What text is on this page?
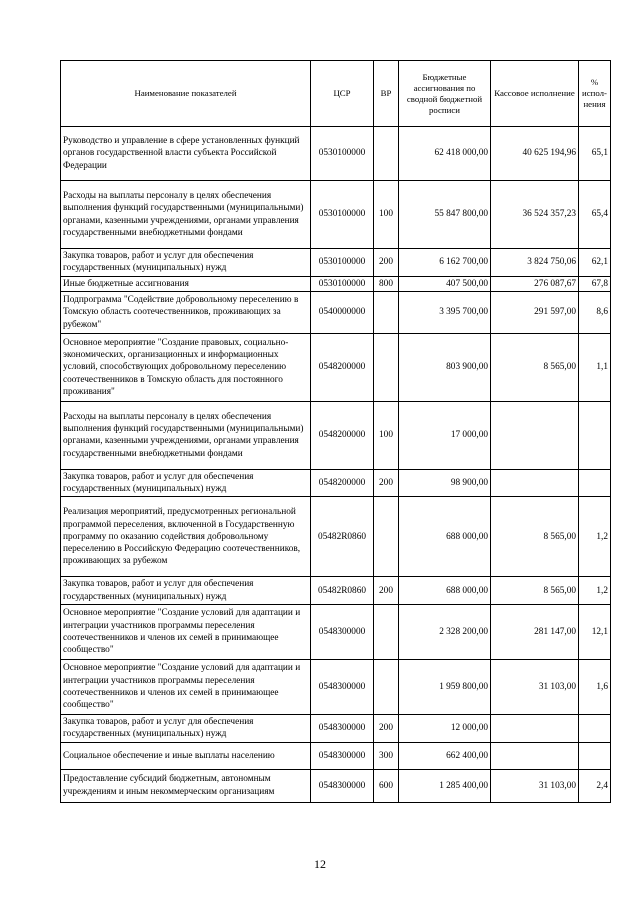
Наименование показателей	ЦСР	ВР	Бюджетные ассигнования по сводной бюджетной росписи	Кассовое исполнение	% испол-нения
Руководство и управление в сфере установленных функций органов государственной власти субъекта Российской Федерации	0530100000		62 418 000,00	40 625 194,96	65,1
Расходы на выплаты персоналу в целях обеспечения выполнения функций государственными (муниципальными) органами, казенными учреждениями, органами управления государственными внебюджетными фондами	0530100000	100	55 847 800,00	36 524 357,23	65,4
Закупка товаров, работ и услуг для обеспечения государственных (муниципальных) нужд	0530100000	200	6 162 700,00	3 824 750,06	62,1
Иные бюджетные ассигнования	0530100000	800	407 500,00	276 087,67	67,8
Подпрограмма "Содействие добровольному переселению в Томскую область соотечественников, проживающих за рубежом"	0540000000		3 395 700,00	291 597,00	8,6
Основное мероприятие "Создание правовых, социально-экономических, организационных и информационных условий, способствующих добровольному переселению соотечественников в Томскую область для постоянного проживания"	0548200000		803 900,00	8 565,00	1,1
Расходы на выплаты персоналу в целях обеспечения выполнения функций государственными (муниципальными) органами, казенными учреждениями, органами управления государственными внебюджетными фондами	0548200000	100	17 000,00		
Закупка товаров, работ и услуг для обеспечения государственных (муниципальных) нужд	0548200000	200	98 900,00		
Реализация мероприятий, предусмотренных региональной программой переселения, включенной в Государственную программу по оказанию содействия добровольному переселению в Российскую Федерацию соотечественников, проживающих за рубежом	05482R0860		688 000,00	8 565,00	1,2
Закупка товаров, работ и услуг для обеспечения государственных (муниципальных) нужд	05482R0860	200	688 000,00	8 565,00	1,2
Основное мероприятие "Создание условий для адаптации и интеграции участников программы переселения соотечественников и членов их семей в принимающее сообщество"	0548300000		2 328 200,00	281 147,00	12,1
Основное мероприятие "Создание условий для адаптации и интеграции участников программы переселения соотечественников и членов их семей в принимающее сообщество"	0548300000		1 959 800,00	31 103,00	1,6
Закупка товаров, работ и услуг для обеспечения государственных (муниципальных) нужд	0548300000	200	12 000,00		
Социальное обеспечение и иные выплаты населению	0548300000	300	662 400,00		
Предоставление субсидий бюджетным, автономным учреждениям и иным некоммерческим организациям	0548300000	600	1 285 400,00	31 103,00	2,4
12
